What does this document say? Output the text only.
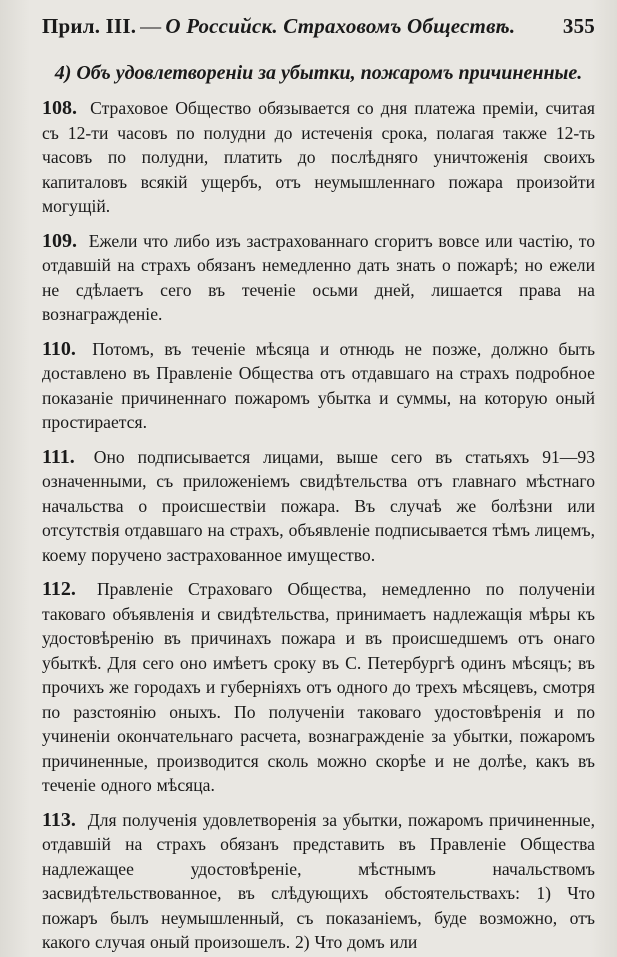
Прил. III. — О Российск. Страховомъ Обществѣ.	355
4) Объ удовлетворенiи за убытки, пожаромъ причиненные.
108. Страховое Общество обязывается со дня платежа премiи, считая съ 12-ти часовъ по полудни до истеченiя срока, полагая также 12-ть часовъ по полудни, платить до послѣдняго уничтоженiя своихъ капиталовъ всякiй ущербъ, отъ неумышленнаго пожара произойти могущiй.
109. Ежели что либо изъ застрахованнаго сгоритъ вовсе или частiю, то отдавшiй на страхъ обязанъ немедленно дать знать о пожарѣ; но ежели не сдѣлаетъ сего въ теченiе осьми дней, лишается права на вознагражденiе.
110. Потомъ, въ теченiе мѣсяца и отнюдь не позже, должно быть доставлено въ Правленiе Общества отъ отдавшаго на страхъ подробное показанiе причиненнаго пожаромъ убытка и суммы, на которую оный простирается.
111. Оно подписывается лицами, выше сего въ статьяхъ 91—93 означенными, съ приложенiемъ свидѣтельства отъ главнаго мѣстнаго начальства о происшествiи пожара. Въ случаѣ же болѣзни или отсутствiя отдавшаго на страхъ, объявленiе подписывается тѣмъ лицемъ, коему поручено застрахованное имущество.
112. Правленiе Страховаго Общества, немедленно по полученiи таковаго объявленiя и свидѣтельства, принимаетъ надлежащiя мѣры къ удостовѣренiю въ причинахъ пожара и въ происшедшемъ отъ онаго убыткѣ. Для сего оно имѣетъ сроку въ С. Петербургѣ одинъ мѣсяцъ; въ прочихъ же городахъ и губернiяхъ отъ одного до трехъ мѣсяцевъ, смотря по разстоянiю оныхъ. По полученiи таковаго удостовѣренiя и по учиненiи окончательнаго расчета, вознагражденiе за убытки, пожаромъ причиненные, производится сколь можно скорѣе и не долѣе, какъ въ теченiе одного мѣсяца.
113. Для полученiя удовлетворенiя за убытки, пожаромъ причиненные, отдавшiй на страхъ обязанъ представить въ Правленiе Общества надлежащее удостовѣренiе, мѣстнымъ начальствомъ засвидѣтельствованное, въ слѣдующихъ обстоятельствахъ: 1) Что пожаръ былъ неумышленный, съ показанiемъ, буде возможно, отъ какого случая оный произошелъ. 2) Что домъ или
